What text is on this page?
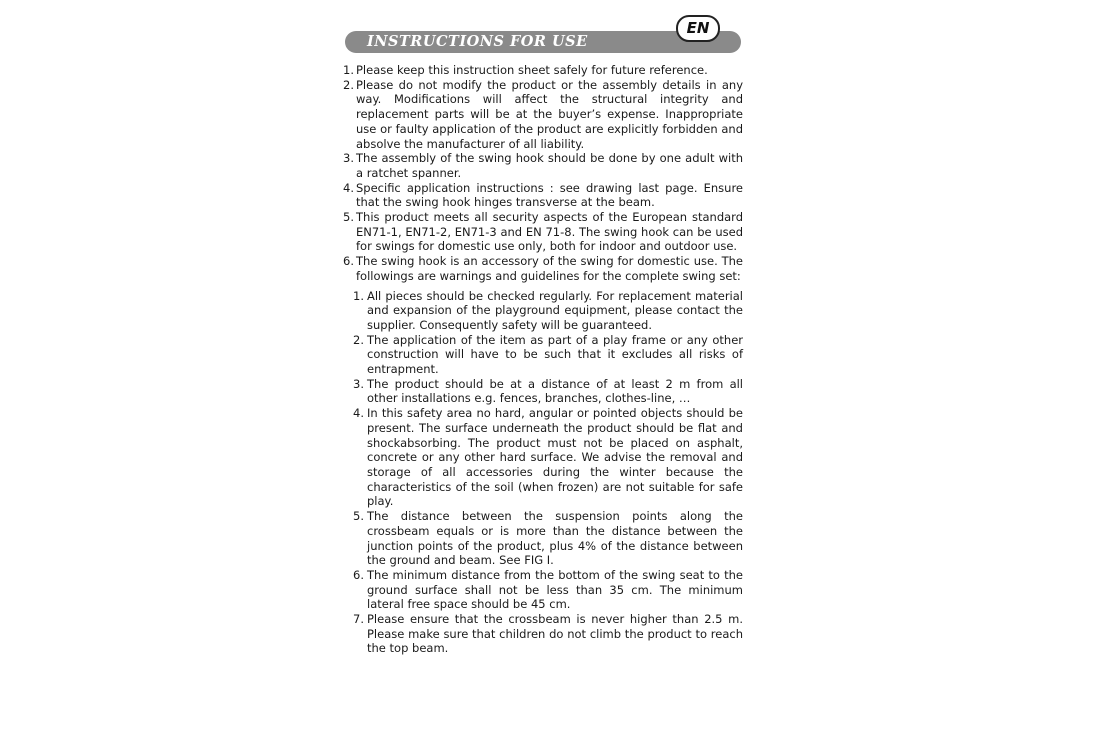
INSTRUCTIONS FOR USE
EN
1. Please keep this instruction sheet safely for future reference.
2. Please do not modify the product or the assembly details in any way. Modifications will affect the structural integrity and replacement parts will be at the buyer’s expense. Inappropriate use or faulty application of the product are explicitly forbidden and absolve the manufacturer of all liability.
3. The assembly of the swing hook should be done by one adult with a ratchet spanner.
4. Specific application instructions : see drawing last page. Ensure that the swing hook hinges transverse at the beam.
5. This product meets all security aspects of the European standard EN71-1, EN71-2, EN71-3 and EN 71-8. The swing hook can be used for swings for domestic use only, both for indoor and outdoor use.
6. The swing hook is an accessory of the swing for domestic use. The followings are warnings and guidelines for the complete swing set:
1. All pieces should be checked regularly. For replacement material and expansion of the playground equipment, please contact the supplier. Consequently safety will be guaranteed.
2. The application of the item as part of a play frame or any other construction will have to be such that it excludes all risks of entrapment.
3. The product should be at a distance of at least 2 m from all other installations e.g. fences, branches, clothes-line, …
4. In this safety area no hard, angular or pointed objects should be present. The surface underneath the product should be flat and shockabsorbing. The product must not be placed on asphalt, concrete or any other hard surface. We advise the removal and storage of all accessories during the winter because the characteristics of the soil (when frozen) are not suitable for safe play.
5. The distance between the suspension points along the crossbeam equals or is more than the distance between the junction points of the product, plus 4% of the distance between the ground and beam. See FIG I.
6. The minimum distance from the bottom of the swing seat to the ground surface shall not be less than 35 cm. The minimum lateral free space should be 45 cm.
7. Please ensure that the crossbeam is never higher than 2.5 m. Please make sure that children do not climb the product to reach the top beam.
